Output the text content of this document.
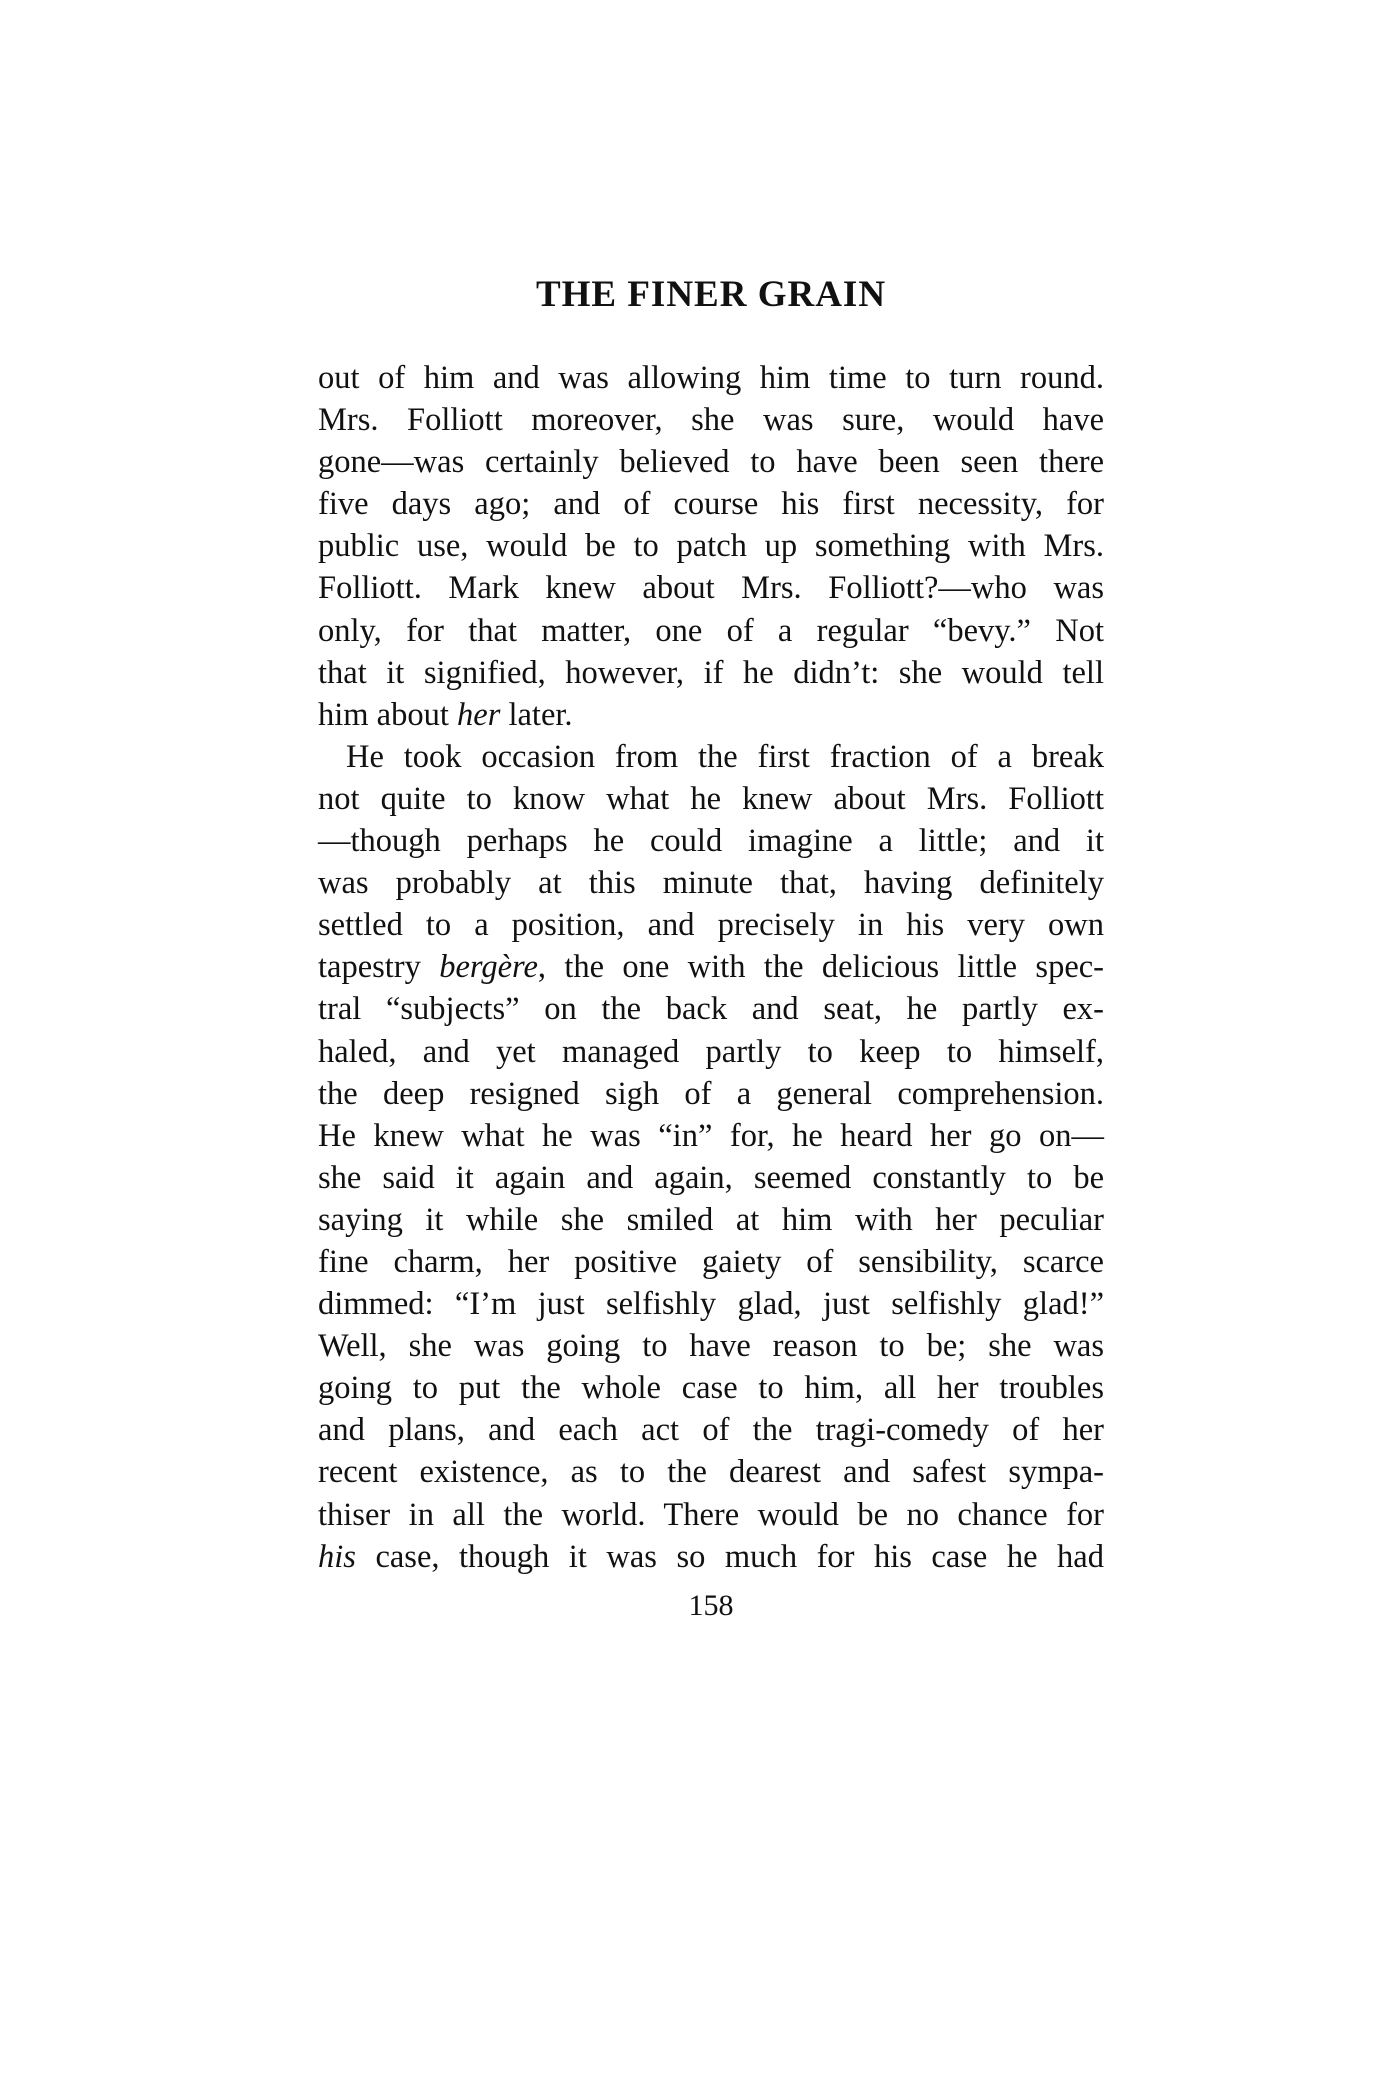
THE FINER GRAIN
out of him and was allowing him time to turn round.
Mrs. Folliott moreover, she was sure, would have
gone—was certainly believed to have been seen there
five days ago; and of course his first necessity, for
public use, would be to patch up something with Mrs.
Folliott. Mark knew about Mrs. Folliott?—who was
only, for that matter, one of a regular “bevy.” Not
that it signified, however, if he didn’t: she would tell
him about her later.
He took occasion from the first fraction of a break
not quite to know what he knew about Mrs. Folliott
—though perhaps he could imagine a little; and it
was probably at this minute that, having definitely
settled to a position, and precisely in his very own
tapestry bergère, the one with the delicious little spec-
tral “subjects” on the back and seat, he partly ex-
haled, and yet managed partly to keep to himself,
the deep resigned sigh of a general comprehension.
He knew what he was “in” for, he heard her go on—
she said it again and again, seemed constantly to be
saying it while she smiled at him with her peculiar
fine charm, her positive gaiety of sensibility, scarce
dimmed: “I’m just selfishly glad, just selfishly glad!”
Well, she was going to have reason to be; she was
going to put the whole case to him, all her troubles
and plans, and each act of the tragi-comedy of her
recent existence, as to the dearest and safest sympa-
thiser in all the world. There would be no chance for
his case, though it was so much for his case he had
158
